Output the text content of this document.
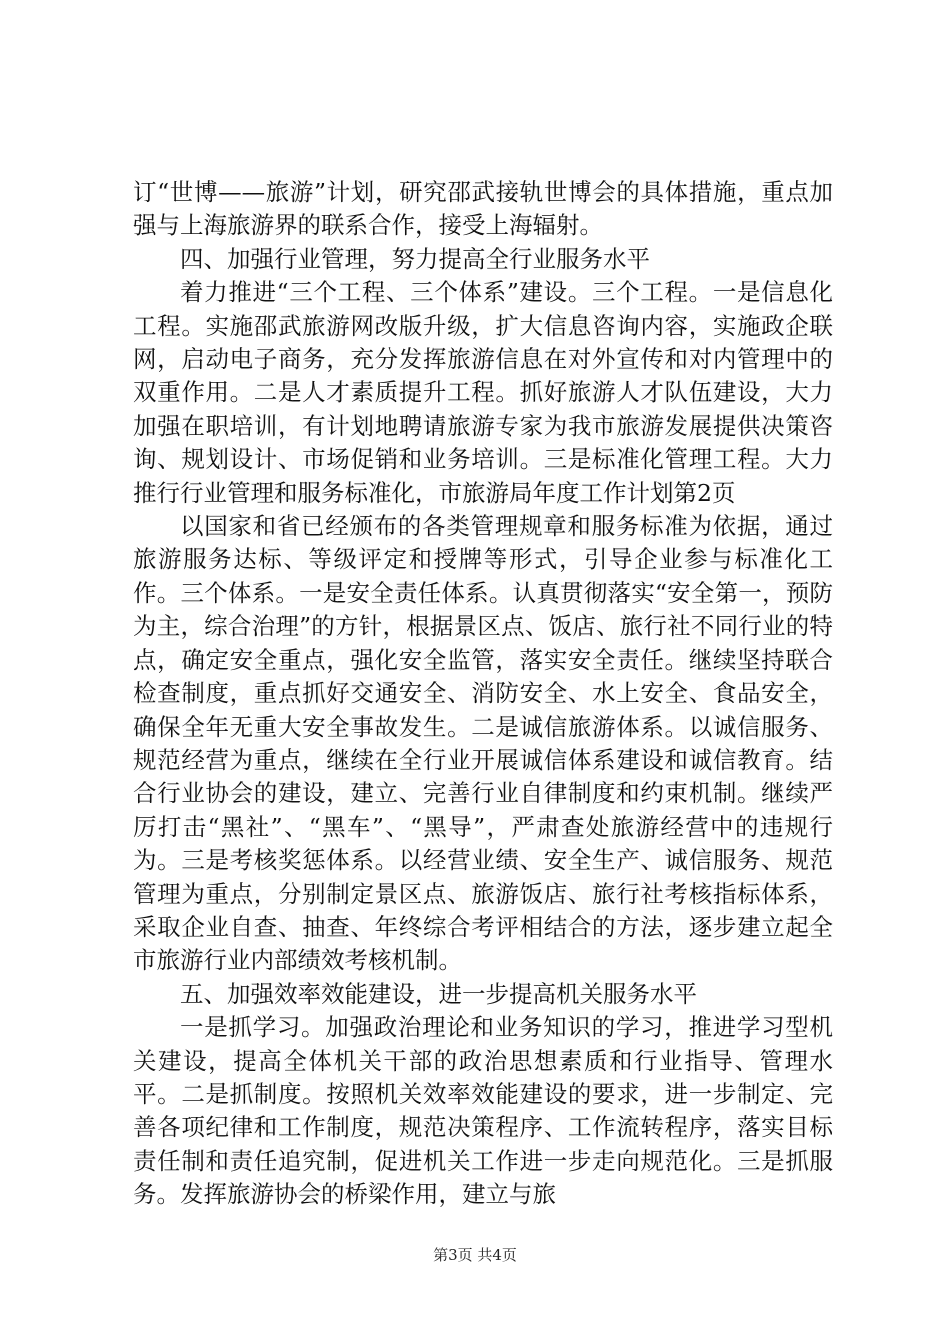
订“世博——旅游”计划，研究邵武接轨世博会的具体措施，重点加强与上海旅游界的联系合作，接受上海辐射。

四、加强行业管理，努力提高全行业服务水平

着力推进“三个工程、三个体系”建设。三个工程。一是信息化工程。实施邵武旅游网改版升级，扩大信息咨询内容，实施政企联网，启动电子商务，充分发挥旅游信息在对外宣传和对内管理中的双重作用。二是人才素质提升工程。抓好旅游人才队伍建设，大力加强在职培训，有计划地聘请旅游专家为我市旅游发展提供决策咨询、规划设计、市场促销和业务培训。三是标准化管理工程。大力推行行业管理和服务标准化，市旅游局年度工作计划第2页

以国家和省已经颁布的各类管理规章和服务标准为依据，通过旅游服务达标、等级评定和授牌等形式，引导企业参与标准化工作。三个体系。一是安全责任体系。认真贯彻落实“安全第一，预防为主，综合治理”的方针，根据景区点、饭店、旅行社不同行业的特点，确定安全重点，强化安全监管，落实安全责任。继续坚持联合检查制度，重点抓好交通安全、消防安全、水上安全、食品安全，确保全年无重大安全事故发生。二是诚信旅游体系。以诚信服务、规范经营为重点，继续在全行业开展诚信体系建设和诚信教育。结合行业协会的建设，建立、完善行业自律制度和约束机制。继续严厉打击“黑社”、“黑车”、“黑导”，严肃查处旅游经营中的违规行为。三是考核奖惩体系。以经营业绩、安全生产、诚信服务、规范管理为重点，分别制定景区点、旅游饭店、旅行社考核指标体系，采取企业自查、抽查、年终综合考评相结合的方法，逐步建立起全市旅游行业内部绩效考核机制。

五、加强效率效能建设，进一步提高机关服务水平

一是抓学习。加强政治理论和业务知识的学习，推进学习型机关建设，提高全体机关干部的政治思想素质和行业指导、管理水平。二是抓制度。按照机关效率效能建设的要求，进一步制定、完善各项纪律和工作制度，规范决策程序、工作流转程序，落实目标责任制和责任追究制，促进机关工作进一步走向规范化。三是抓服务。发挥旅游协会的桥梁作用，建立与旅

第3页 共4页
